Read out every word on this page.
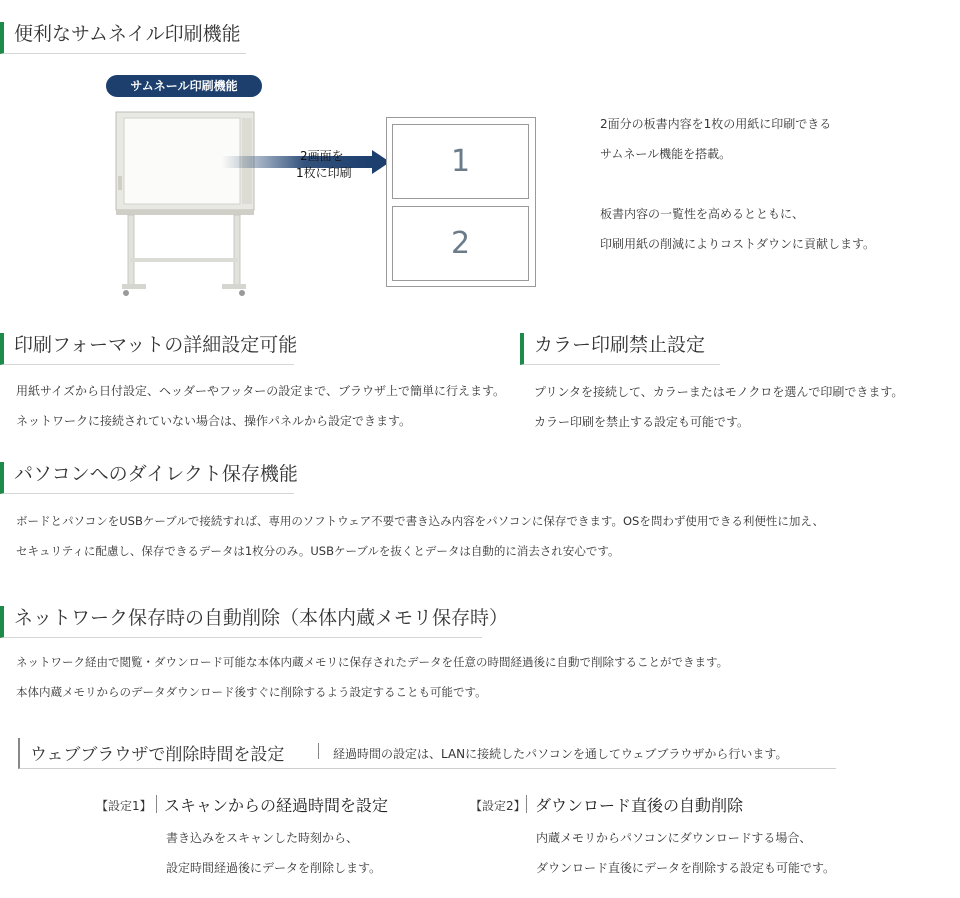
便利なサムネイル印刷機能
サムネール印刷機能
2画面を
1枚に印刷	1
2
2面分の板書内容を1枚の用紙に印刷できる
サムネール機能を搭載。
板書内容の一覧性を高めるとともに、
印刷用紙の削減によりコストダウンに貢献します。
印刷フォーマットの詳細設定可能
用紙サイズから日付設定、ヘッダーやフッターの設定まで、ブラウザ上で簡単に行えます。
ネットワークに接続されていない場合は、操作パネルから設定できます。
カラー印刷禁止設定
プリンタを接続して、カラーまたはモノクロを選んで印刷できます。
カラー印刷を禁止する設定も可能です。
パソコンへのダイレクト保存機能
ボードとパソコンをUSBケーブルで接続すれば、専用のソフトウェア不要で書き込み内容をパソコンに保存できます。OSを問わず使用できる利便性に加え、
セキュリティに配慮し、保存できるデータは1枚分のみ。USBケーブルを抜くとデータは自動的に消去され安心です。
ネットワーク保存時の自動削除（本体内蔵メモリ保存時）
ネットワーク経由で閲覧・ダウンロード可能な本体内蔵メモリに保存されたデータを任意の時間経過後に自動で削除することができます。
本体内蔵メモリからのデータダウンロード後すぐに削除するよう設定することも可能です。
ウェブブラウザで削除時間を設定	経過時間の設定は、LANに接続したパソコンを通してウェブブラウザから行います。
【設定1】 スキャンからの経過時間を設定
書き込みをスキャンした時刻から、
設定時間経過後にデータを削除します。
【設定2】 ダウンロード直後の自動削除
内蔵メモリからパソコンにダウンロードする場合、
ダウンロード直後にデータを削除する設定も可能です。
